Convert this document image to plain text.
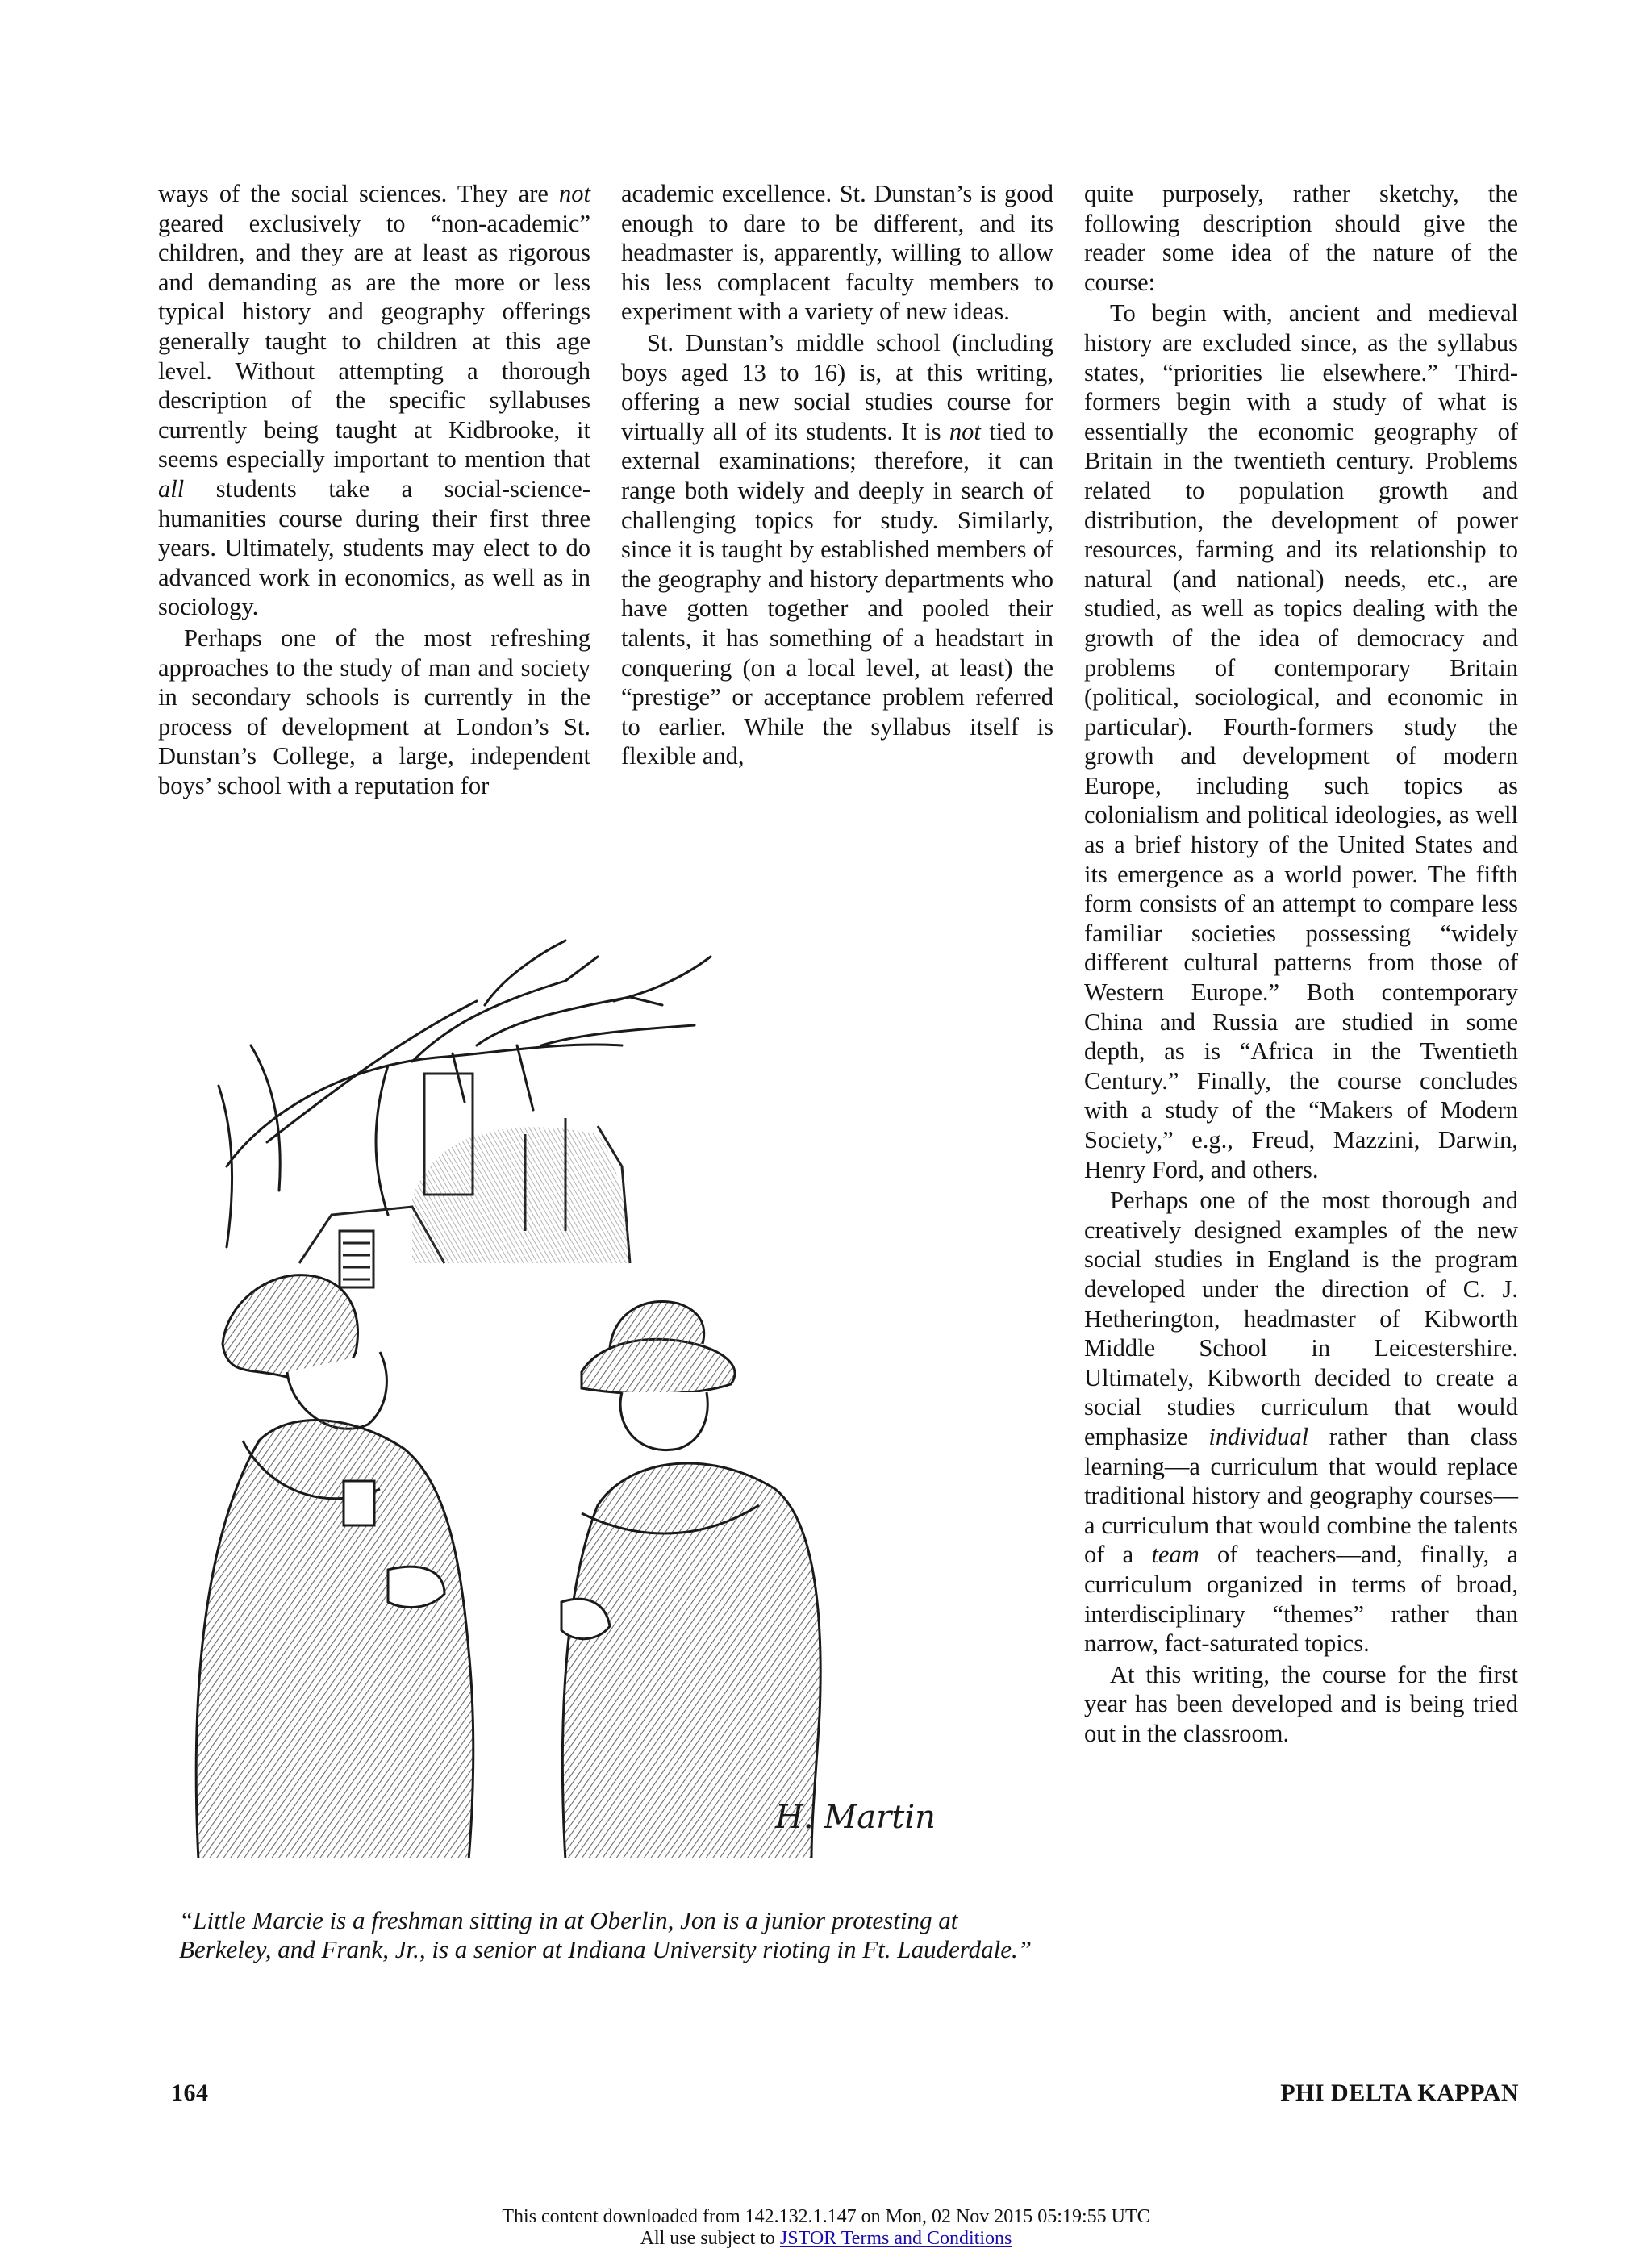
ways of the social sciences. They are not geared exclusively to “non-academic” children, and they are at least as rigorous and demanding as are the more or less typical history and geography offerings generally taught to children at this age level. Without attempting a thorough description of the specific syllabuses currently being taught at Kidbrooke, it seems especially important to mention that all students take a social-science-humanities course during their first three years. Ultimately, students may elect to do advanced work in economics, as well as in sociology.

Perhaps one of the most refreshing approaches to the study of man and society in secondary schools is currently in the process of development at London’s St. Dunstan’s College, a large, independent boys’ school with a reputation for

academic excellence. St. Dunstan’s is good enough to dare to be different, and its headmaster is, apparently, willing to allow his less complacent faculty members to experiment with a variety of new ideas.

St. Dunstan’s middle school (including boys aged 13 to 16) is, at this writing, offering a new social studies course for virtually all of its students. It is not tied to external examinations; therefore, it can range both widely and deeply in search of challenging topics for study. Similarly, since it is taught by established members of the geography and history departments who have gotten together and pooled their talents, it has something of a headstart in conquering (on a local level, at least) the “prestige” or acceptance problem referred to earlier. While the syllabus itself is flexible and,

quite purposely, rather sketchy, the following description should give the reader some idea of the nature of the course:

To begin with, ancient and medieval history are excluded since, as the syllabus states, “priorities lie elsewhere.” Third-formers begin with a study of what is essentially the economic geography of Britain in the twentieth century. Problems related to population growth and distribution, the development of power resources, farming and its relationship to natural (and national) needs, etc., are studied, as well as topics dealing with the growth of the idea of democracy and problems of contemporary Britain (political, sociological, and economic in particular). Fourth-formers study the growth and development of modern Europe, including such topics as colonialism and political ideologies, as well as a brief history of the United States and its emergence as a world power. The fifth form consists of an attempt to compare less familiar societies possessing “widely different cultural patterns from those of Western Europe.” Both contemporary China and Russia are studied in some depth, as is “Africa in the Twentieth Century.” Finally, the course concludes with a study of the “Makers of Modern Society,” e.g., Freud, Mazzini, Darwin, Henry Ford, and others.

Perhaps one of the most thorough and creatively designed examples of the new social studies in England is the program developed under the direction of C. J. Hetherington, headmaster of Kibworth Middle School in Leicestershire. Ultimately, Kibworth decided to create a social studies curriculum that would emphasize individual rather than class learning—a curriculum that would replace traditional history and geography courses—a curriculum that would combine the talents of a team of teachers—and, finally, a curriculum organized in terms of broad, interdisciplinary “themes” rather than narrow, fact-saturated topics.

At this writing, the course for the first year has been developed and is being tried out in the classroom.

H. Martin
“Little Marcie is a freshman sitting in at Oberlin, Jon is a junior protesting at Berkeley, and Frank, Jr., is a senior at Indiana University rioting in Ft. Lauderdale.”
164	PHI DELTA KAPPAN
This content downloaded from 142.132.1.147 on Mon, 02 Nov 2015 05:19:55 UTC
All use subject to JSTOR Terms and Conditions
